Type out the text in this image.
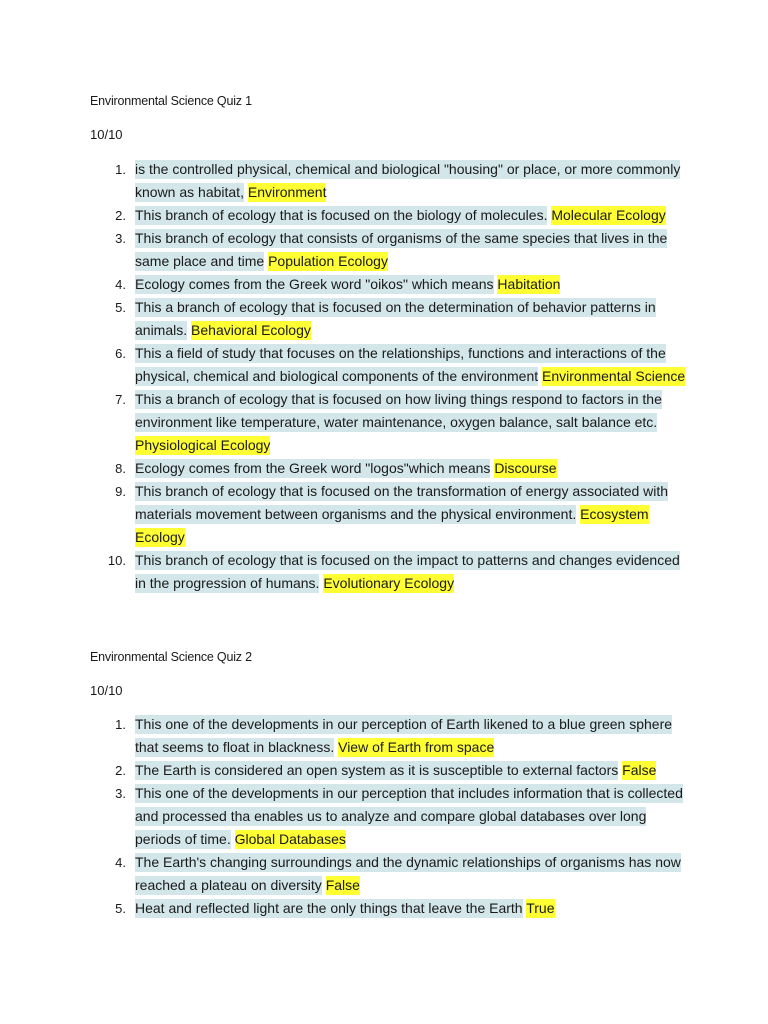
Environmental Science Quiz 1
10/10
1. is the controlled physical, chemical and biological "housing" or place, or more commonly known as habitat, Environment
2. This branch of ecology that is focused on the biology of molecules. Molecular Ecology
3. This branch of ecology that consists of organisms of the same species that lives in the same place and time Population Ecology
4. Ecology comes from the Greek word "oikos" which means Habitation
5. This a branch of ecology that is focused on the determination of behavior patterns in animals. Behavioral Ecology
6. This a field of study that focuses on the relationships, functions and interactions of the physical, chemical and biological components of the environment Environmental Science
7. This a branch of ecology that is focused on how living things respond to factors in the environment like temperature, water maintenance, oxygen balance, salt balance etc. Physiological Ecology
8. Ecology comes from the Greek word "logos"which means Discourse
9. This branch of ecology that is focused on the transformation of energy associated with materials movement between organisms and the physical environment. Ecosystem Ecology
10. This branch of ecology that is focused on the impact to patterns and changes evidenced in the progression of humans. Evolutionary Ecology
Environmental Science Quiz 2
10/10
1. This one of the developments in our perception of Earth likened to a blue green sphere that seems to float in blackness. View of Earth from space
2. The Earth is considered an open system as it is susceptible to external factors False
3. This one of the developments in our perception that includes information that is collected and processed tha enables us to analyze and compare global databases over long periods of time. Global Databases
4. The Earth's changing surroundings and the dynamic relationships of organisms has now reached a plateau on diversity False
5. Heat and reflected light are the only things that leave the Earth True
